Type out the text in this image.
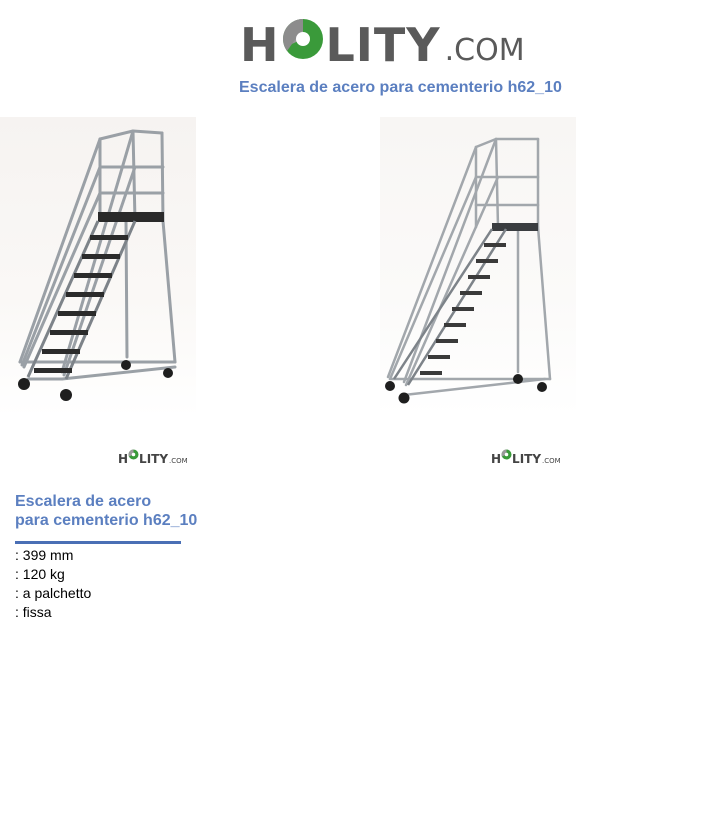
H LITY .COM
Escalera de acero para cementerio h62_10
H LITY .COM	H LITY .COM
Escalera de acero
para cementerio h62_10
: 399 mm
: 120 kg
: a palchetto
: fissa
